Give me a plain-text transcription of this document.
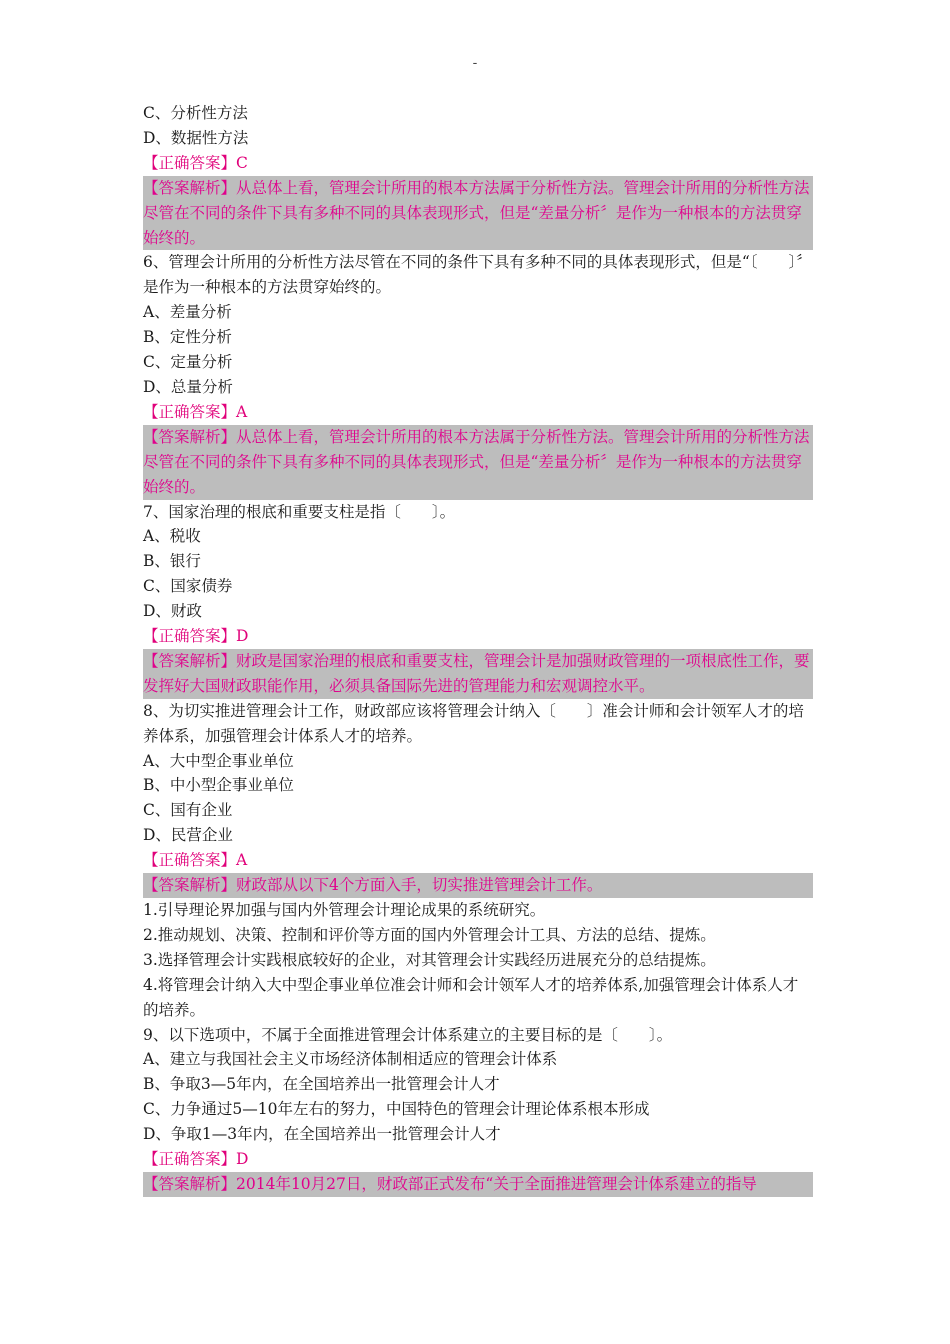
-
C、分析性方法
D、数据性方法
【正确答案】C
【答案解析】从总体上看，管理会计所用的根本方法属于分析性方法。管理会计所用的分析性方法尽管在不同的条件下具有多种不同的具体表现形式，但是“差量分析〞是作为一种根本的方法贯穿始终的。
6、管理会计所用的分析性方法尽管在不同的条件下具有多种不同的具体表现形式，但是“〔　　〕〞是作为一种根本的方法贯穿始终的。
A、差量分析
B、定性分析
C、定量分析
D、总量分析
【正确答案】A
【答案解析】从总体上看，管理会计所用的根本方法属于分析性方法。管理会计所用的分析性方法尽管在不同的条件下具有多种不同的具体表现形式，但是“差量分析〞是作为一种根本的方法贯穿始终的。
7、国家治理的根底和重要支柱是指〔　　〕。
A、税收
B、银行
C、国家债券
D、财政
【正确答案】D
【答案解析】财政是国家治理的根底和重要支柱，管理会计是加强财政管理的一项根底性工作，要发挥好大国财政职能作用，必须具备国际先进的管理能力和宏观调控水平。
8、为切实推进管理会计工作，财政部应该将管理会计纳入〔　　〕准会计师和会计领军人才的培养体系，加强管理会计体系人才的培养。
A、大中型企事业单位
B、中小型企事业单位
C、国有企业
D、民营企业
【正确答案】A
【答案解析】财政部从以下4个方面入手，切实推进管理会计工作。
1.引导理论界加强与国内外管理会计理论成果的系统研究。
2.推动规划、决策、控制和评价等方面的国内外管理会计工具、方法的总结、提炼。
3.选择管理会计实践根底较好的企业，对其管理会计实践经历进展充分的总结提炼。
4.将管理会计纳入大中型企事业单位准会计师和会计领军人才的培养体系,加强管理会计体系人才的培养。
9、以下选项中，不属于全面推进管理会计体系建立的主要目标的是〔　　〕。
A、建立与我国社会主义市场经济体制相适应的管理会计体系
B、争取3—5年内，在全国培养出一批管理会计人才
C、力争通过5—10年左右的努力，中国特色的管理会计理论体系根本形成
D、争取1—3年内，在全国培养出一批管理会计人才
【正确答案】D
【答案解析】2014年10月27日，财政部正式发布“关于全面推进管理会计体系建立的指导
